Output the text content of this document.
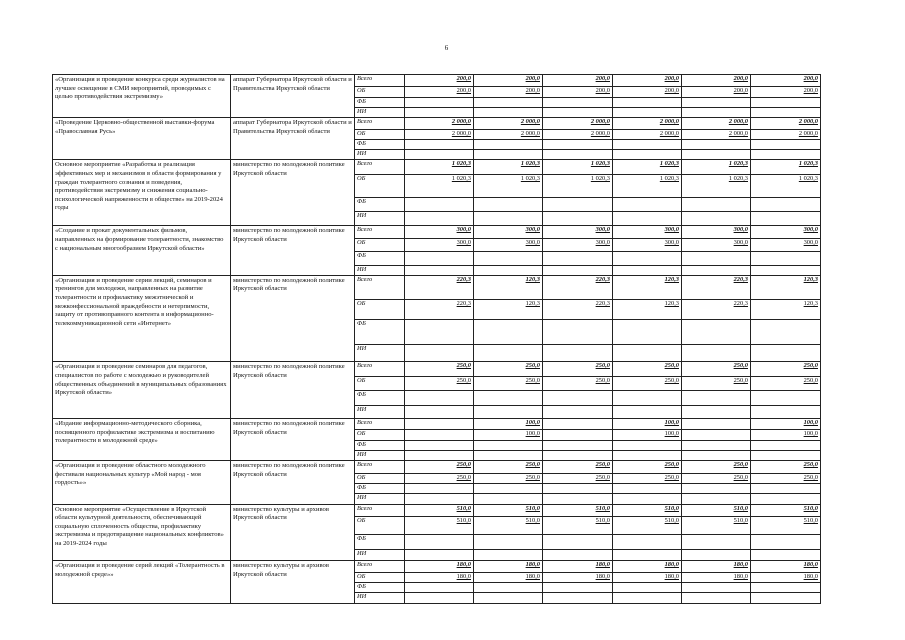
6
«Организация и проведение конкурса среди журналистов на лучшее освещение в СМИ мероприятий, проводимых с целью противодействия экстремизму»	аппарат Губернатора Иркутской области и Правительства Иркутской области	Всего	200,0	200,0	200,0	200,0	200,0	200,0
		ОБ	200,0	200,0	200,0	200,0	200,0	200,0
		ФБ						
		ИИ						
«Проведение Церковно-общественной выставки-форума «Православная Русь»	аппарат Губернатора Иркутской области и Правительства Иркутской области	Всего	2 000,0	2 000,0	2 000,0	2 000,0	2 000,0	2 000,0
		ОБ	2 000,0	2 000,0	2 000,0	2 000,0	2 000,0	2 000,0
		ФБ						
		ИИ						
Основное мероприятие «Разработка и реализация эффективных мер и механизмов в области формирования у граждан толерантного сознания и поведения, противодействия экстремизму и снижения социально-психологической напряженности в обществе» на 2019-2024 годы	министерство по молодежной политике Иркутской области	Всего	1 020,3	1 020,3	1 020,3	1 020,3	1 020,3	1 020,3
		ОБ	1 020,3	1 020,3	1 020,3	1 020,3	1 020,3	1 020,3
		ФБ						
		ИИ						
«Создание и прокат документальных фильмов, направленных на формирование толерантности, знакомство с национальным многообразием Иркутской области»	министерство по молодежной политике Иркутской области	Всего	300,0	300,0	300,0	300,0	300,0	300,0
		ОБ	300,0	300,0	300,0	300,0	300,0	300,0
		ФБ						
		ИИ						
«Организация и проведение серии лекций, семинаров и тренингов для молодежи, направленных на развитие толерантности и профилактику межэтнической и межконфессиональной враждебности и нетерпимости, защиту от противоправного контента в информационно-телекоммуникационной сети «Интернет»	министерство по молодежной политике Иркутской области	Всего	220,3	120,3	220,3	120,3	220,3	120,3
		ОБ	220,3	120,3	220,3	120,3	220,3	120,3
		ФБ						
		ИИ						
«Организация и проведение семинаров для педагогов, специалистов по работе с молодежью и руководителей общественных объединений в муниципальных образованиях Иркутской области»	министерство по молодежной политике Иркутской области	Всего	250,0	250,0	250,0	250,0	250,0	250,0
		ОБ	250,0	250,0	250,0	250,0	250,0	250,0
		ФБ						
		ИИ						
«Издание информационно-методического сборника, посвященного профилактике экстремизма и воспитанию толерантности в молодежной среде»	министерство по молодежной политике Иркутской области	Всего		100,0		100,0		100,0
		ОБ		100,0		100,0		100,0
		ФБ						
		ИИ						
«Организация и проведение областного молодежного фестиваля национальных культур «Мой народ - моя гордость»»	министерство по молодежной политике Иркутской области	Всего	250,0	250,0	250,0	250,0	250,0	250,0
		ОБ	250,0	250,0	250,0	250,0	250,0	250,0
		ФБ						
		ИИ						
Основное мероприятие «Осуществление в Иркутской области культурной деятельности, обеспечивающей социальную сплоченность общества, профилактику экстремизма и предотвращение национальных конфликтов» на 2019-2024 годы	министерство культуры и архивов Иркутской области	Всего	510,0	510,0	510,0	510,0	510,0	510,0
		ОБ	510,0	510,0	510,0	510,0	510,0	510,0
		ФБ						
		ИИ						
«Организация и проведение серий лекций «Толерантность в молодежной среде»»	министерство культуры и архивов Иркутской области	Всего	180,0	180,0	180,0	180,0	180,0	180,0
		ОБ	180,0	180,0	180,0	180,0	180,0	180,0
		ФБ						
		ИИ						
